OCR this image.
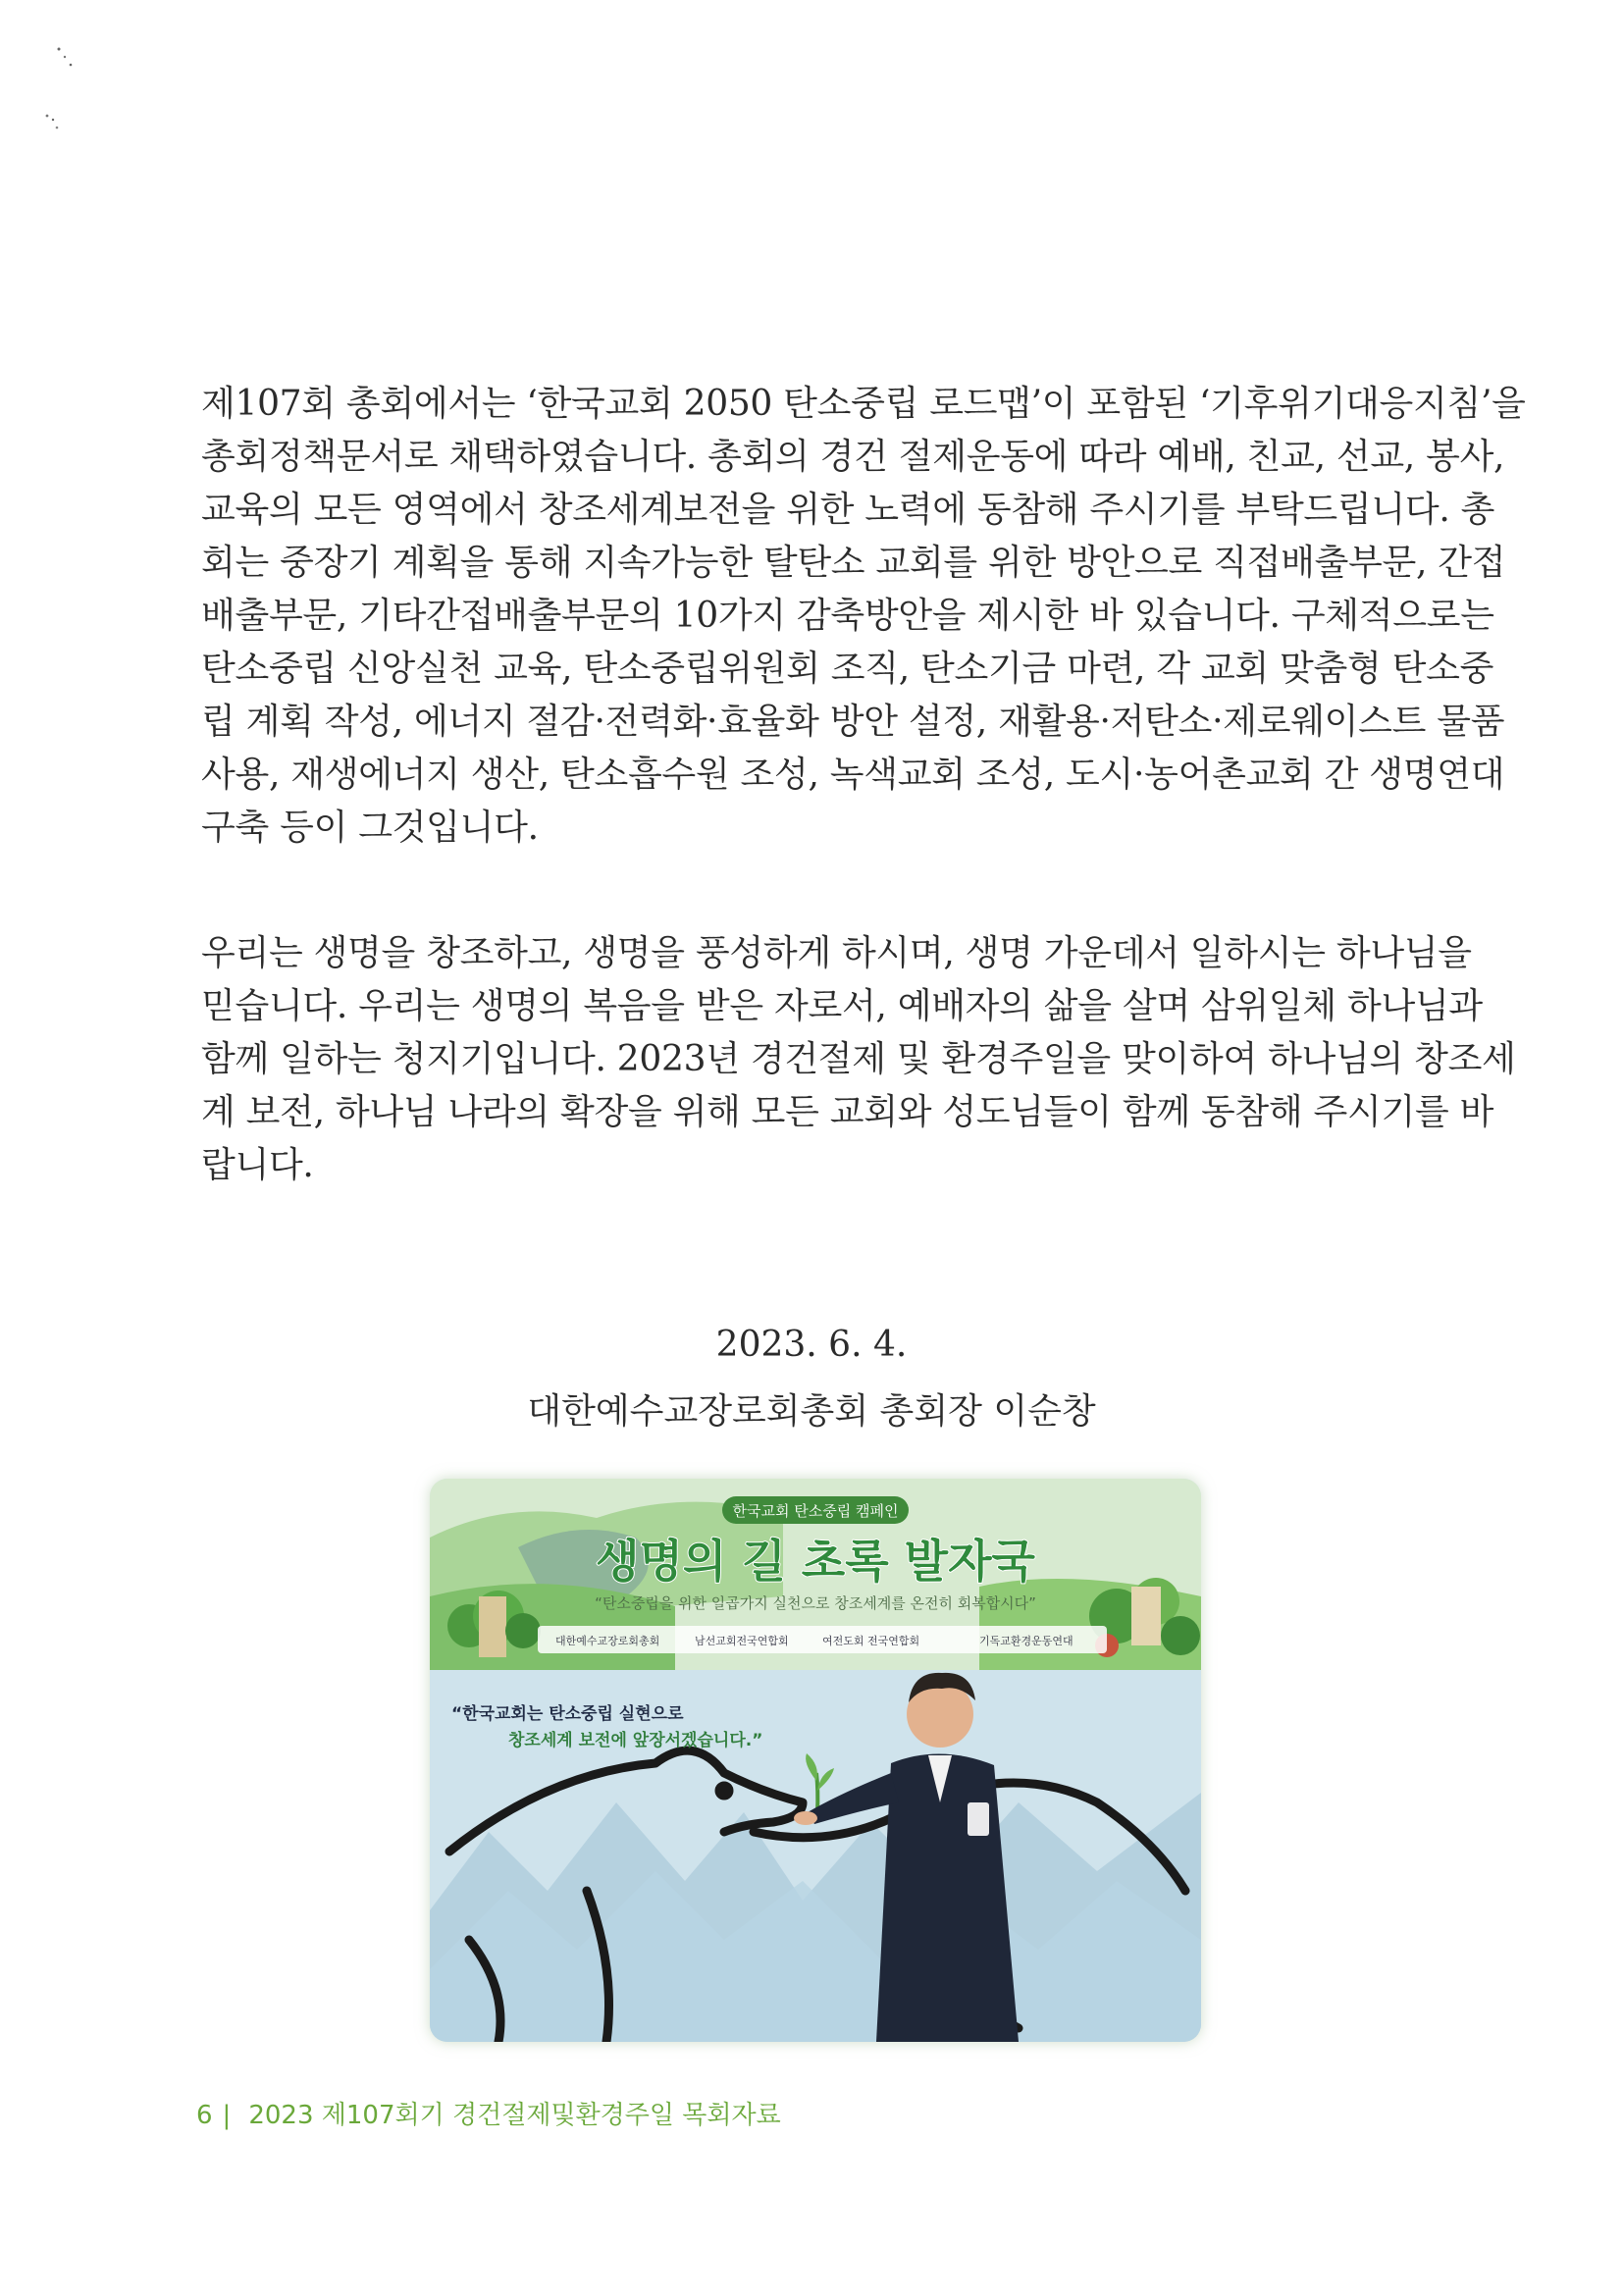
제107회 총회에서는 ‘한국교회 2050 탄소중립 로드맵’이 포함된 ‘기후위기대응지침’을
총회정책문서로 채택하였습니다. 총회의 경건 절제운동에 따라 예배, 친교, 선교, 봉사,
교육의 모든 영역에서 창조세계보전을 위한 노력에 동참해 주시기를 부탁드립니다. 총
회는 중장기 계획을 통해 지속가능한 탈탄소 교회를 위한 방안으로 직접배출부문, 간접
배출부문, 기타간접배출부문의 10가지 감축방안을 제시한 바 있습니다. 구체적으로는
탄소중립 신앙실천 교육, 탄소중립위원회 조직, 탄소기금 마련, 각 교회 맞춤형 탄소중
립 계획 작성, 에너지 절감·전력화·효율화 방안 설정, 재활용·저탄소·제로웨이스트 물품
사용, 재생에너지 생산, 탄소흡수원 조성, 녹색교회 조성, 도시·농어촌교회 간 생명연대
구축 등이 그것입니다.
우리는 생명을 창조하고, 생명을 풍성하게 하시며, 생명 가운데서 일하시는 하나님을
믿습니다. 우리는 생명의 복음을 받은 자로서, 예배자의 삶을 살며 삼위일체 하나님과
함께 일하는 청지기입니다. 2023년 경건절제 및 환경주일을 맞이하여 하나님의 창조세
계 보전, 하나님 나라의 확장을 위해 모든 교회와 성도님들이 함께 동참해 주시기를 바
랍니다.
2023. 6. 4.
대한예수교장로회총회 총회장 이순창
한국교회 탄소중립 캠페인
생명의 길 초록 발자국
“탄소중립을 위한 일곱가지 실천으로 창조세계를 온전히 회복합시다”
대한예수교장로회총회	남선교회전국연합회	여전도회 전국연합회	기독교환경운동연대
“한국교회는 탄소중립 실현으로
창조세계 보전에 앞장서겠습니다.”
6 | 2023 제107회기 경건절제및환경주일 목회자료
